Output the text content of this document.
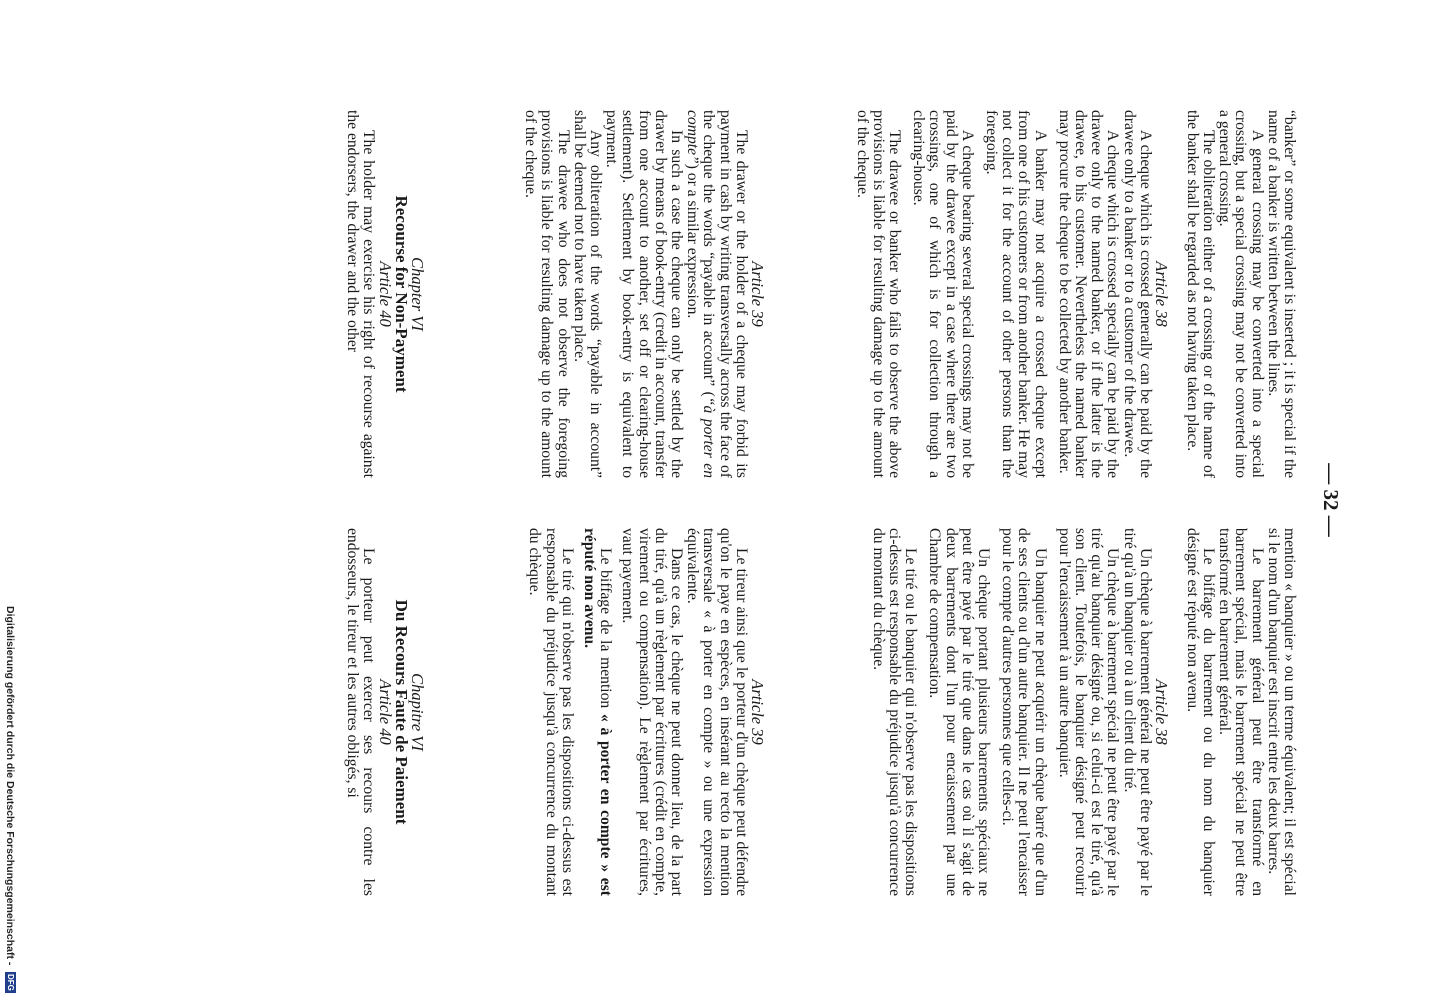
— 32 —

“banker” or some equivalent is inserted ; it is special if the name of a banker is written between the lines.

A general crossing may be converted into a special crossing, but a special crossing may not be converted into a general crossing.

The obliteration either of a crossing or of the name of the banker shall be regarded as not having taken place.

Article 38

A cheque which is crossed generally can be paid by the drawee only to a banker or to a customer of the drawee.

A cheque which is crossed specially can be paid by the drawee only to the named banker, or if the latter is the drawee, to his customer. Nevertheless the named banker may procure the cheque to be collected by another banker.

A banker may not acquire a crossed cheque except from one of his customers or from another banker. He may not collect it for the account of other persons than the foregoing.

A cheque bearing several special crossings may not be paid by the drawee except in a case where there are two crossings, one of which is for collection through a clearing-house.

The drawee or banker who fails to observe the above provisions is liable for resulting damage up to the amount of the cheque.

Article 39

The drawer or the holder of a cheque may forbid its payment in cash by writing transversally across the face of the cheque the words “payable in account” (“à porter en compte”) or a similar expression.

In such a case the cheque can only be settled by the drawer by means of book-entry (credit in account, transfer from one account to another, set off or clearing-house settlement). Settlement by book-entry is equivalent to payment.

Any obliteration of the words “payable in account” shall be deemed not to have taken place.

The drawee who does not observe the foregoing provisions is liable for resulting damage up to the amount of the cheque.

Chapter VI
Recourse for Non-Payment
Article 40

The holder may exercise his right of recourse against the endorsers, the drawer and the other

mention « banquier » ou un terme équivalent; il est spécial si le nom d'un banquier est inscrit entre les deux barres.

Le barrement général peut être transformé en barrement spécial, mais le barrement spécial ne peut être transformé en barrement général.

Le biffage du barrement ou du nom du banquier désigné est réputé non avenu.

Article 38

Un chèque à barrement général ne peut être payé par le tiré qu'à un banquier ou à un client du tiré.

Un chèque à barrement spécial ne peut être payé par le tiré qu'au banquier désigné ou, si celui-ci est le tiré, qu'à son client. Toutefois, le banquier désigné peut recourir pour l'encaissement à un autre banquier.

Un banquier ne peut acquérir un chèque barré que d'un de ses clients ou d'un autre banquier. Il ne peut l'encaisser pour le compte d'autres personnes que celles-ci.

Un chèque portant plusieurs barrements spéciaux ne peut être payé par le tiré que dans le cas où il s'agit de deux barrements dont l'un pour encaissement par une Chambre de compensation.

Le tiré ou le banquier qui n'observe pas les dispositions ci-dessus est responsable du préjudice jusqu'à concurrence du montant du chèque.

Article 39

Le tireur ainsi que le porteur d'un chèque peut défendre qu'on le paye en espèces, en insérant au recto la mention transversale « à porter en compte » ou une expression équivalente.

Dans ce cas, le chèque ne peut donner lieu, de la part du tiré, qu'à un règlement par écritures (crédit en compte, virement ou compensation). Le règlement par écritures, vaut payement.

Le biffage de la mention « à porter en compte » est réputé non avenu.

Le tiré qui n'observe pas les dispositions ci-dessus est responsable du préjudice jusqu'à concurrence du montant du chèque.

Chapitre VI
Du Recours Faute de Paiement
Article 40

Le porteur peut exercer ses recours contre les endosseurs, le tireur et les autres obligés, si

Digitalisierung gefördert durch die Deutsche Forschungsgemeinschaft - DFG
